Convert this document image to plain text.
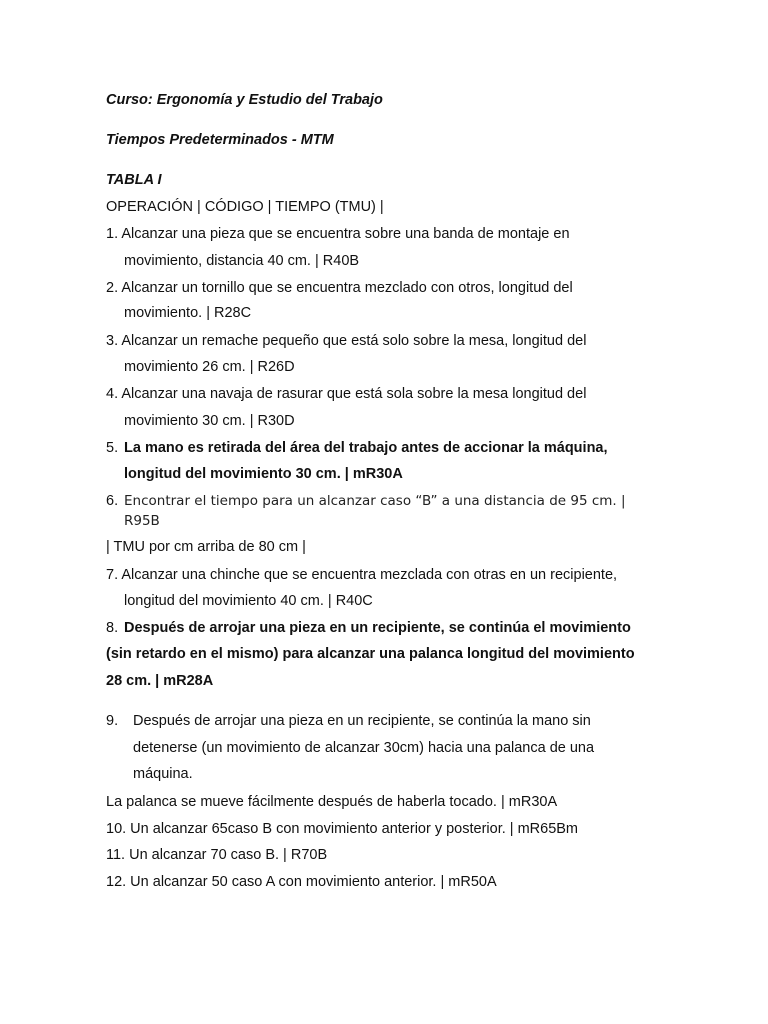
Curso: Ergonomía y Estudio del Trabajo
Tiempos Predeterminados - MTM
TABLA I
OPERACIÓN | CÓDIGO | TIEMPO (TMU) |
1. Alcanzar una pieza que se encuentra sobre una banda de montaje en
movimiento, distancia 40 cm. | R40B
2. Alcanzar un tornillo que se encuentra mezclado con otros, longitud del
movimiento. | R28C
3. Alcanzar un remache pequeño que está solo sobre la mesa, longitud del
movimiento 26 cm. | R26D
4. Alcanzar una navaja de rasurar que está sola sobre la mesa longitud del
movimiento 30 cm. | R30D
5. La mano es retirada del área del trabajo antes de accionar la máquina,
longitud del movimiento 30 cm. | mR30A
6. Encontrar el tiempo para un alcanzar caso “B” a una distancia de 95 cm. |
R95B
| TMU por cm arriba de 80 cm |
7. Alcanzar una chinche que se encuentra mezclada con otras en un recipiente,
longitud del movimiento 40 cm. | R40C
8. Después de arrojar una pieza en un recipiente, se continúa el movimiento
(sin retardo en el mismo) para alcanzar una palanca longitud del movimiento
28 cm. | mR28A
9. Después de arrojar una pieza en un recipiente, se continúa la mano sin
detenerse (un movimiento de alcanzar 30cm) hacia una palanca de una
máquina.
La palanca se mueve fácilmente después de haberla tocado. | mR30A
10. Un alcanzar 65caso B con movimiento anterior y posterior. | mR65Bm
11. Un alcanzar 70 caso B. | R70B
12. Un alcanzar 50 caso A con movimiento anterior. | mR50A
